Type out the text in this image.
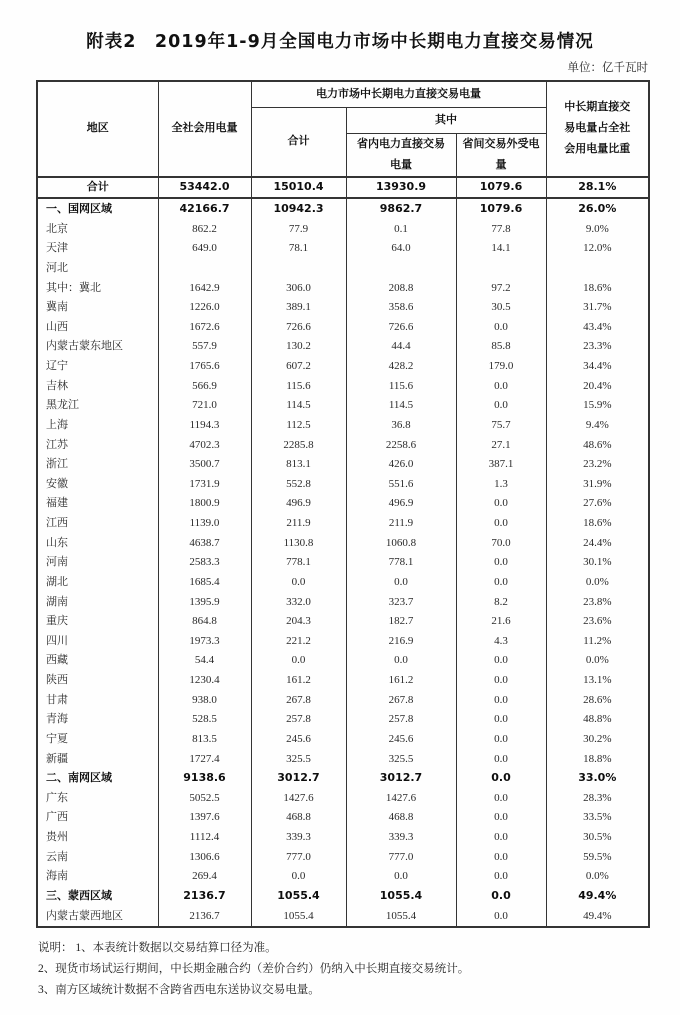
附表2　2019年1-9月全国电力市场中长期电力直接交易情况
单位：亿千瓦时
地区	全社会用电量	电力市场中长期电力直接交易电量			中长期直接交易电量占全社会用电量比重
		合计	其中		
			省内电力直接交易电量	省间交易外受电量	
合计	53442.0	15010.4	13930.9	1079.6	28.1%
一、国网区域	42166.7	10942.3	9862.7	1079.6	26.0%
北京	862.2	77.9	0.1	77.8	9.0%
天津	649.0	78.1	64.0	14.1	12.0%
河北					
其中：冀北	1642.9	306.0	208.8	97.2	18.6%
冀南	1226.0	389.1	358.6	30.5	31.7%
山西	1672.6	726.6	726.6	0.0	43.4%
内蒙古蒙东地区	557.9	130.2	44.4	85.8	23.3%
辽宁	1765.6	607.2	428.2	179.0	34.4%
吉林	566.9	115.6	115.6	0.0	20.4%
黑龙江	721.0	114.5	114.5	0.0	15.9%
上海	1194.3	112.5	36.8	75.7	9.4%
江苏	4702.3	2285.8	2258.6	27.1	48.6%
浙江	3500.7	813.1	426.0	387.1	23.2%
安徽	1731.9	552.8	551.6	1.3	31.9%
福建	1800.9	496.9	496.9	0.0	27.6%
江西	1139.0	211.9	211.9	0.0	18.6%
山东	4638.7	1130.8	1060.8	70.0	24.4%
河南	2583.3	778.1	778.1	0.0	30.1%
湖北	1685.4	0.0	0.0	0.0	0.0%
湖南	1395.9	332.0	323.7	8.2	23.8%
重庆	864.8	204.3	182.7	21.6	23.6%
四川	1973.3	221.2	216.9	4.3	11.2%
西藏	54.4	0.0	0.0	0.0	0.0%
陕西	1230.4	161.2	161.2	0.0	13.1%
甘肃	938.0	267.8	267.8	0.0	28.6%
青海	528.5	257.8	257.8	0.0	48.8%
宁夏	813.5	245.6	245.6	0.0	30.2%
新疆	1727.4	325.5	325.5	0.0	18.8%
二、南网区域	9138.6	3012.7	3012.7	0.0	33.0%
广东	5052.5	1427.6	1427.6	0.0	28.3%
广西	1397.6	468.8	468.8	0.0	33.5%
贵州	1112.4	339.3	339.3	0.0	30.5%
云南	1306.6	777.0	777.0	0.0	59.5%
海南	269.4	0.0	0.0	0.0	0.0%
三、蒙西区域	2136.7	1055.4	1055.4	0.0	49.4%
内蒙古蒙西地区	2136.7	1055.4	1055.4	0.0	49.4%
说明： 1、本表统计数据以交易结算口径为准。
2、现货市场试运行期间，中长期金融合约（差价合约）仍纳入中长期直接交易统计。
3、南方区域统计数据不含跨省西电东送协议交易电量。
